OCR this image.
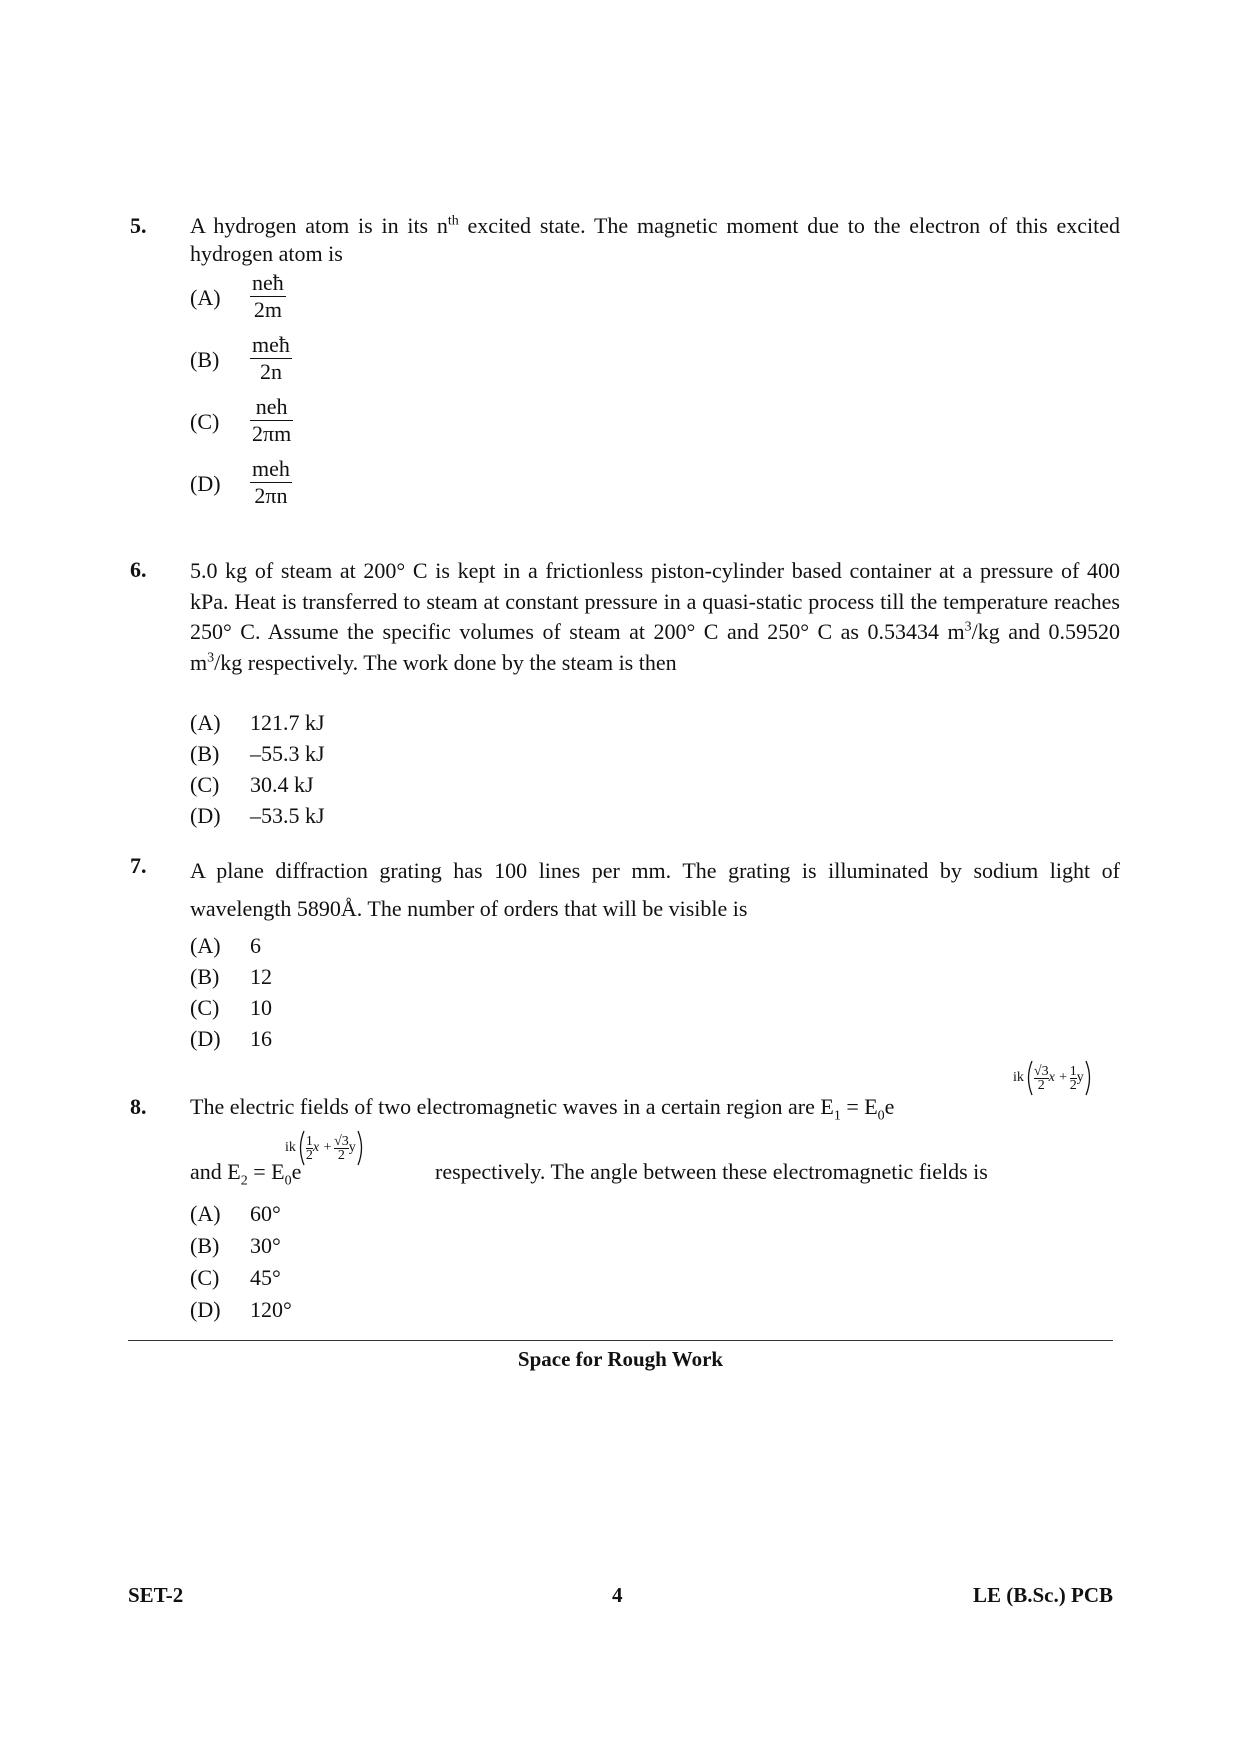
5.	A hydrogen atom is in its $n^{th}$ excited state. The magnetic moment due to the electron of this excited hydrogen atom is
(A)
neħ
2m
(B)
meħ
2n
(C)
neh
2πm
(D)
meh
2πn
6.	5.0 kg of steam at 200° C is kept in a frictionless piston-cylinder based container at a pressure of 400 kPa. Heat is transferred to steam at constant pressure in a quasi-static process till the temperature reaches 250° C. Assume the specific volumes of steam at 200° C and 250° C as 0.53434 $m^3/kg$ and 0.59520 $m^3/kg$ respectively. The work done by the steam is then
(A) 121.7 kJ
(B) –55.3 kJ
(C) 30.4 kJ
(D) –53.5 kJ
7.	A plane diffraction grating has 100 lines per mm. The grating is illuminated by sodium light of wavelength 5890Å. The number of orders that will be visible is
(A) 6
(B) 12
(C) 10
(D) 16
8.	The electric fields of two electromagnetic waves in a certain region are $E_1 = E_0e$
ik $\frac{√3}{2}$ $x + \frac{1}{2}$ y
and $E_2 = E_0e$
ik $\frac{1}{2}$ $x + \frac{√3}{2}$ y
respectively. The angle between these electromagnetic fields is
(A) 60°
(B) 30°
(C) 45°
(D) 120°
Space for Rough Work
SET-2	4	LE (B.Sc.) PCB
